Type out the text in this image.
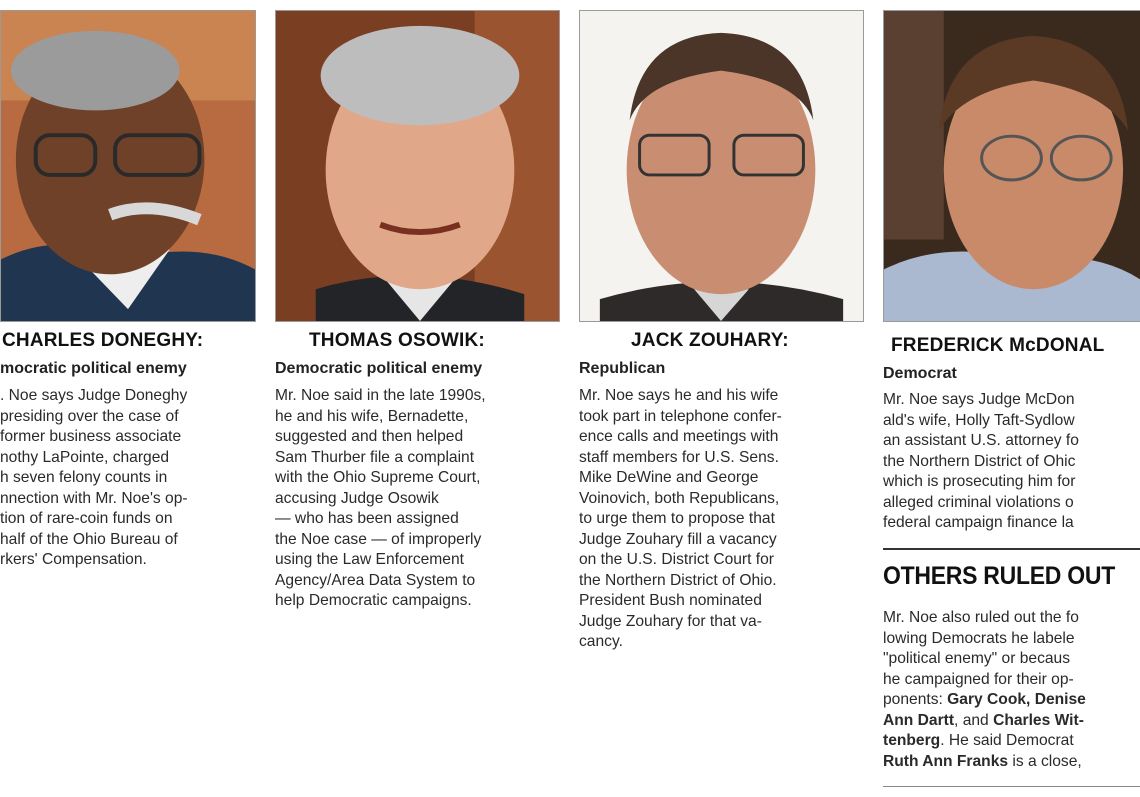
CHARLES DONEGHY:
mocratic political enemy
. Noe says Judge Doneghy
presiding over the case of
former business associate
nothy LaPointe, charged
h seven felony counts in
nnection with Mr. Noe's op-
tion of rare-coin funds on
half of the Ohio Bureau of
rkers' Compensation.
THOMAS OSOWIK:
Democratic political enemy
Mr. Noe said in the late 1990s,
he and his wife, Bernadette,
suggested and then helped
Sam Thurber file a complaint
with the Ohio Supreme Court,
accusing Judge Osowik
— who has been assigned
the Noe case — of improperly
using the Law Enforcement
Agency/Area Data System to
help Democratic campaigns.
JACK ZOUHARY:
Republican
Mr. Noe says he and his wife
took part in telephone confer-
ence calls and meetings with
staff members for U.S. Sens.
Mike DeWine and George
Voinovich, both Republicans,
to urge them to propose that
Judge Zouhary fill a vacancy
on the U.S. District Court for
the Northern District of Ohio.
President Bush nominated
Judge Zouhary for that va-
cancy.
FREDERICK McDONAL
Democrat
Mr. Noe says Judge McDon
ald's wife, Holly Taft-Sydlow
an assistant U.S. attorney fo
the Northern District of Ohic
which is prosecuting him for
alleged criminal violations o
federal campaign finance la
OTHERS RULED OUT
Mr. Noe also ruled out the fo
lowing Democrats he labele
"political enemy" or becaus
he campaigned for their op-
ponents: Gary Cook, Denise
Ann Dartt, and Charles Wit-
tenberg. He said Democrat
Ruth Ann Franks is a close,
